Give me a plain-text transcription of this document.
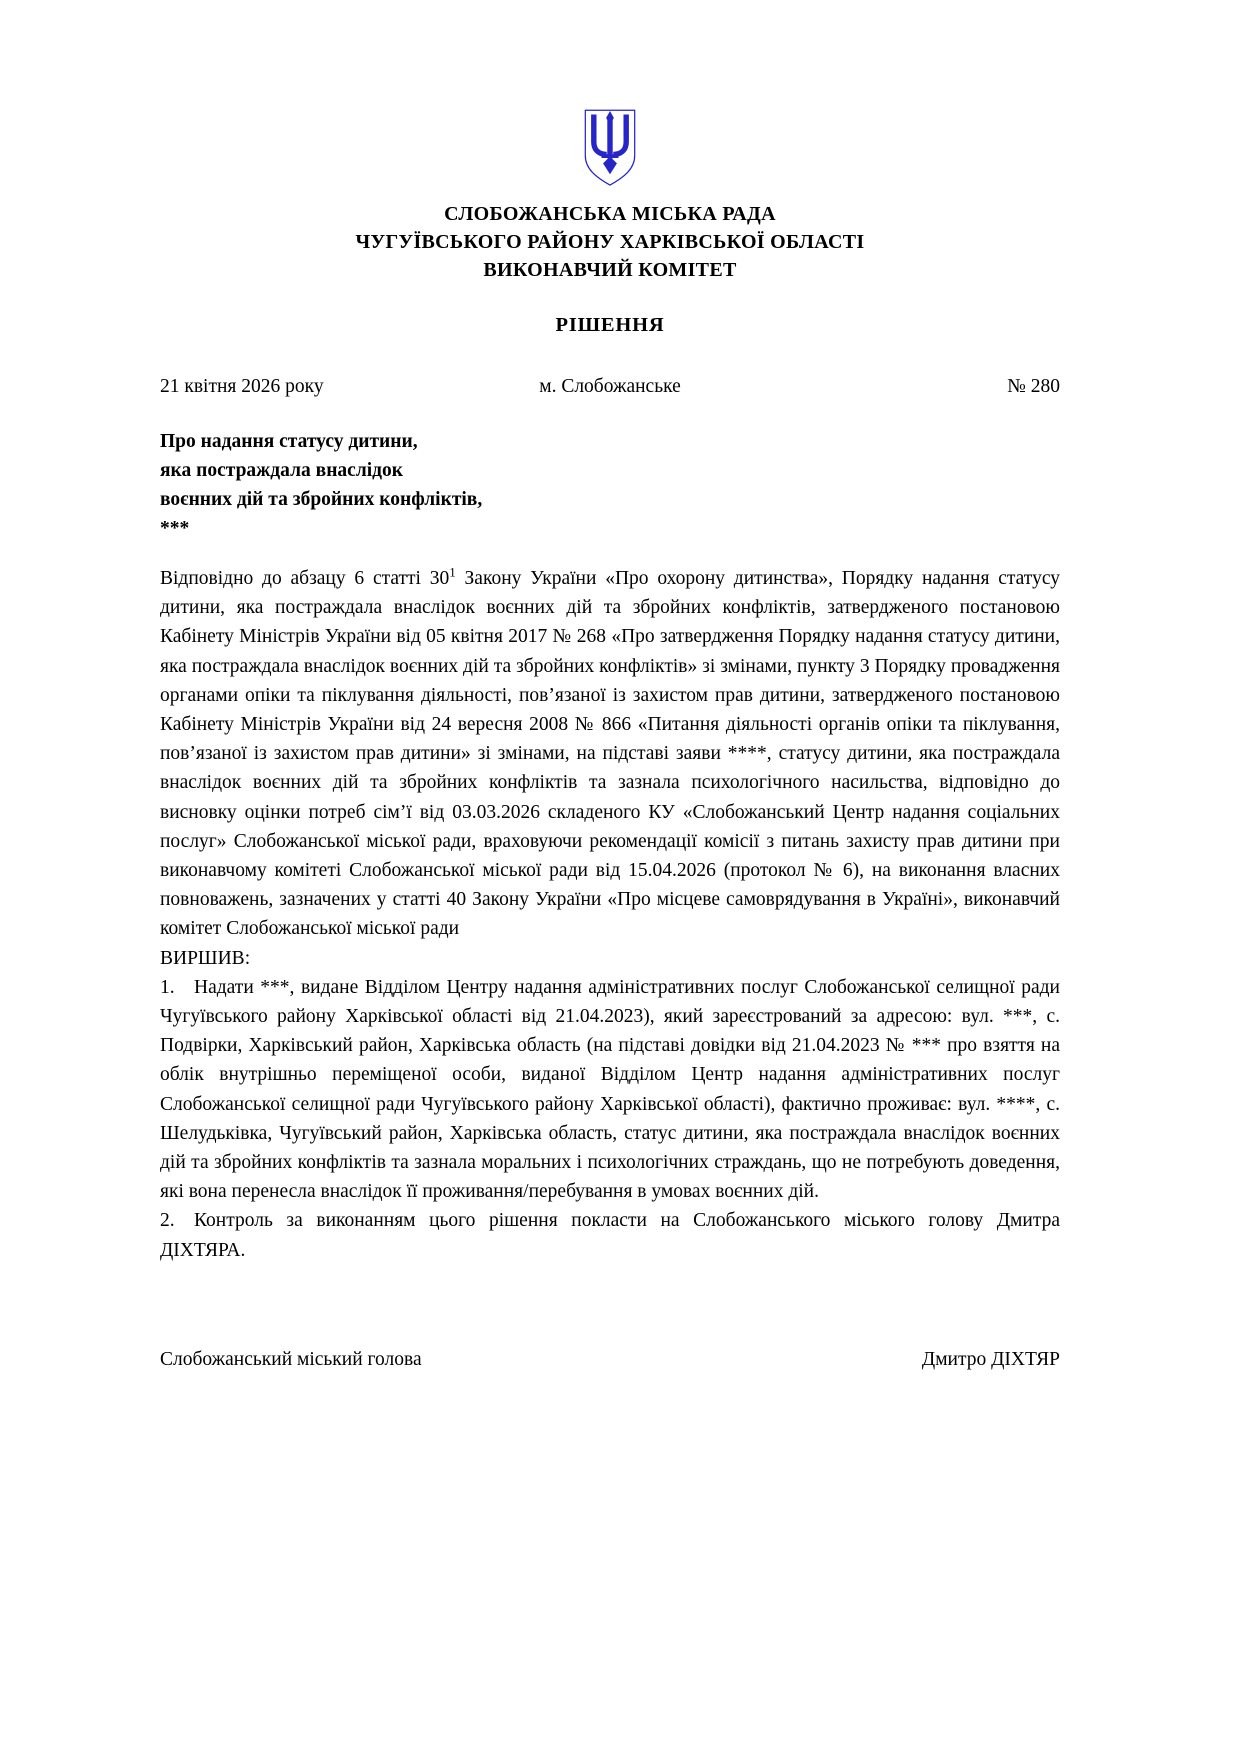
СЛОБОЖАНСЬКА МІСЬКА РАДА
ЧУГУЇВСЬКОГО РАЙОНУ ХАРКІВСЬКОЇ ОБЛАСТІ
ВИКОНАВЧИЙ КОМІТЕТ
РІШЕННЯ
21 квітня 2026 року	м. Слобожанське	№ 280
Про надання статусу дитини,
яка постраждала внаслідок
воєнних дій та збройних конфліктів,
***

Відповідно до абзацу 6 статті 30$^1$ Закону України «Про охорону дитинства», Порядку надання статусу дитини, яка постраждала внаслідок воєнних дій та збройних конфліктів, затвердженого постановою Кабінету Міністрів України від 05 квітня 2017 № 268 «Про затвердження Порядку надання статусу дитини, яка постраждала внаслідок воєнних дій та збройних конфліктів» зі змінами, пункту 3 Порядку провадження органами опіки та піклування діяльності, пов’язаної із захистом прав дитини, затвердженого постановою Кабінету Міністрів України від 24 вересня 2008 № 866 «Питання діяльності органів опіки та піклування, пов’язаної із захистом прав дитини» зі змінами, на підставі заяви ****, статусу дитини, яка постраждала внаслідок воєнних дій та збройних конфліктів та зазнала психологічного насильства, відповідно до висновку оцінки потреб сім’ї від 03.03.2026 складеного КУ «Слобожанський Центр надання соціальних послуг» Слобожанської міської ради, враховуючи рекомендації комісії з питань захисту прав дитини при виконавчому комітеті Слобожанської міської ради від 15.04.2026 (протокол № 6), на виконання власних повноважень, зазначених у статті 40 Закону України «Про місцеве самоврядування в Україні», виконавчий комітет Слобожанської міської ради

ВИРШИВ:

1. Надати ***, видане Відділом Центру надання адміністративних послуг Слобожанської селищної ради Чугуївського району Харківської області від 21.04.2023), який зареєстрований за адресою: вул. ***, с. Подвірки, Харківський район, Харківська область (на підставі довідки від 21.04.2023 № *** про взяття на облік внутрішньо переміщеної особи, виданої Відділом Центр надання адміністративних послуг Слобожанської селищної ради Чугуївського району Харківської області), фактично проживає: вул. ****, с. Шелудьківка, Чугуївський район, Харківська область, статус дитини, яка постраждала внаслідок воєнних дій та збройних конфліктів та зазнала моральних і психологічних страждань, що не потребують доведення, які вона перенесла внаслідок її проживання/перебування в умовах воєнних дій.

2. Контроль за виконанням цього рішення покласти на Слобожанського міського голову Дмитра ДІХТЯРА.

Слобожанський міський голова	Дмитро ДІХТЯР
